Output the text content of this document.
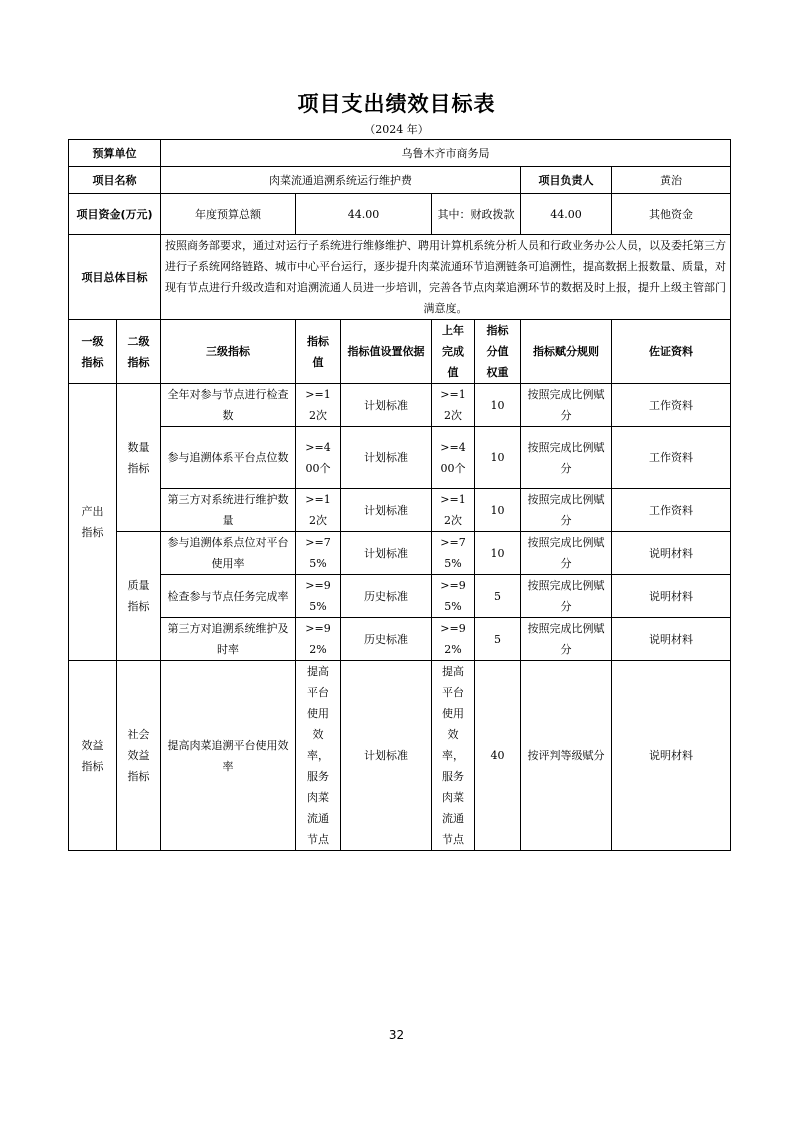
项目支出绩效目标表
（2024 年）
预算单位		乌鲁木齐市商务局						
项目名称		肉菜流通追溯系统运行维护费					项目负责人	黄治
项目资金(万元)		年度预算总额	44.00		其中：财政拨款		44.00	其他资金
项目总体目标		按照商务部要求，通过对运行子系统进行维修维护、聘用计算机系统分析人员和行政业务办公人员，以及委托第三方进行子系统网络链路、城市中心平台运行，逐步提升肉菜流通环节追溯链条可追溯性，提高数据上报数量、质量，对现有节点进行升级改造和对追溯流通人员进一步培训，完善各节点肉菜追溯环节的数据及时上报，提升上级主管部门满意度。						
一级指标	二级指标	三级指标	指标值	指标值设置依据	上年完成值	指标分值权重	指标赋分规则	佐证资料
产出指标	数量指标	全年对参与节点进行检查数	>=12次	计划标准	>=12次	10	按照完成比例赋分	工作资料
		参与追溯体系平台点位数	>=400个	计划标准	>=400个	10	按照完成比例赋分	工作资料
		第三方对系统进行维护数量	>=12次	计划标准	>=12次	10	按照完成比例赋分	工作资料
	质量指标	参与追溯体系点位对平台使用率	>=75%	计划标准	>=75%	10	按照完成比例赋分	说明材料
		检查参与节点任务完成率	>=95%	历史标准	>=95%	5	按照完成比例赋分	说明材料
		第三方对追溯系统维护及时率	>=92%	历史标准	>=92%	5	按照完成比例赋分	说明材料
效益指标	社会效益指标	提高肉菜追溯平台使用效率	提高平台使用效率，服务肉菜流通节点	计划标准	提高平台使用效率，服务肉菜流通节点	40	按评判等级赋分	说明材料
32
